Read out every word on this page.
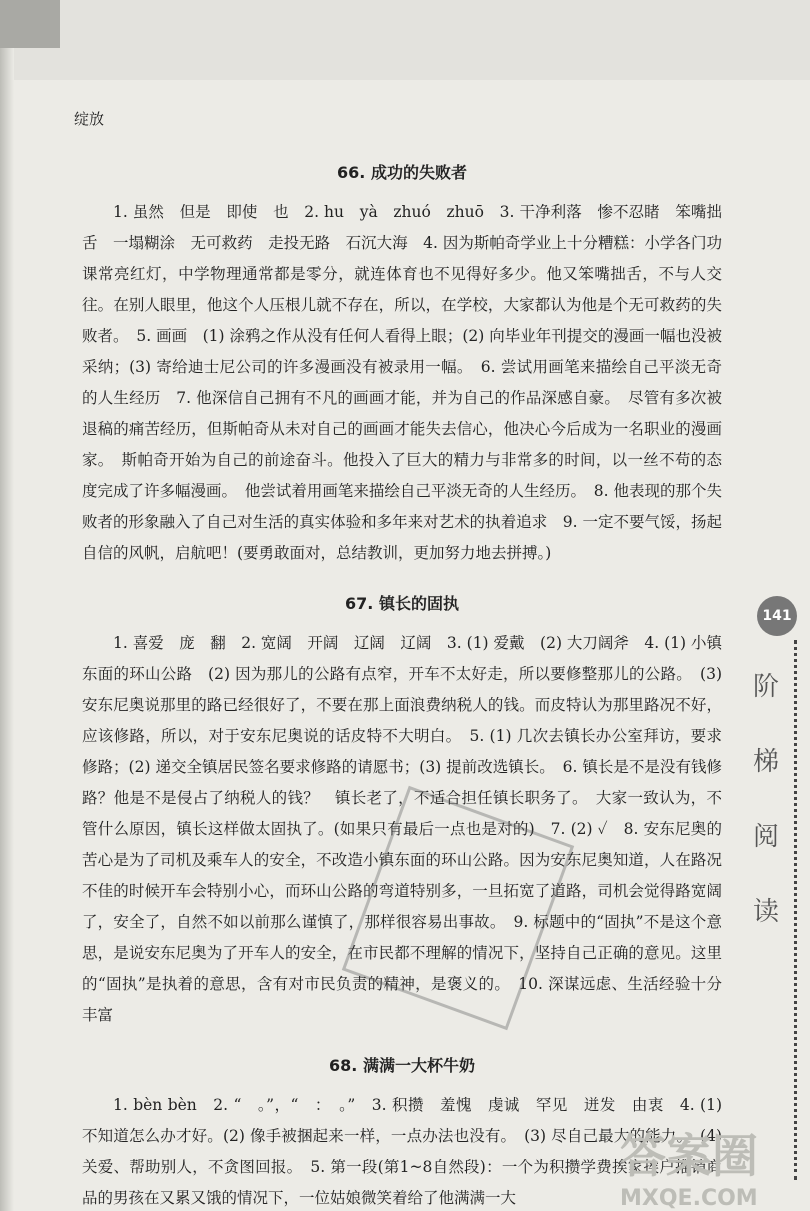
绽放
66. 成功的失败者

1. 虽然　但是　即使　也　2. hu　yà　zhuó　zhuō　3. 干净利落　惨不忍睹　笨嘴拙舌　一塌糊涂　无可救药　走投无路　石沉大海　4. 因为斯帕奇学业上十分糟糕：小学各门功课常亮红灯，中学物理通常都是零分，就连体育也不见得好多少。他又笨嘴拙舌，不与人交往。在别人眼里，他这个人压根儿就不存在，所以，在学校，大家都认为他是个无可救药的失败者。　5. 画画　(1) 涂鸦之作从没有任何人看得上眼；(2) 向毕业年刊提交的漫画一幅也没被采纳；(3) 寄给迪士尼公司的许多漫画没有被录用一幅。　6. 尝试用画笔来描绘自己平淡无奇的人生经历　7. 他深信自己拥有不凡的画画才能，并为自己的作品深感自豪。　尽管有多次被退稿的痛苦经历，但斯帕奇从未对自己的画画才能失去信心，他决心今后成为一名职业的漫画家。　斯帕奇开始为自己的前途奋斗。他投入了巨大的精力与非常多的时间，以一丝不苟的态度完成了许多幅漫画。　他尝试着用画笔来描绘自己平淡无奇的人生经历。　8. 他表现的那个失败者的形象融入了自己对生活的真实体验和多年来对艺术的执着追求　9. 一定不要气馁，扬起自信的风帆，启航吧！(要勇敢面对，总结教训，更加努力地去拼搏。)

67. 镇长的固执

1. 喜爱　庞　翻　2. 宽阔　开阔　辽阔　辽阔　3. (1) 爱戴　(2) 大刀阔斧　4. (1) 小镇东面的环山公路　(2) 因为那儿的公路有点窄，开车不太好走，所以要修整那儿的公路。　(3) 安东尼奥说那里的路已经很好了，不要在那上面浪费纳税人的钱。而皮特认为那里路况不好，应该修路，所以，对于安东尼奥说的话皮特不大明白。　5. (1) 几次去镇长办公室拜访，要求修路；(2) 递交全镇居民签名要求修路的请愿书；(3) 提前改选镇长。　6. 镇长是不是没有钱修路？他是不是侵占了纳税人的钱？　镇长老了，不适合担任镇长职务了。　大家一致认为，不管什么原因，镇长这样做太固执了。(如果只有最后一点也是对的)　7. (2) ✓　8. 安东尼奥的苦心是为了司机及乘车人的安全，不改造小镇东面的环山公路。因为安东尼奥知道，人在路况不佳的时候开车会特别小心，而环山公路的弯道特别多，一旦拓宽了道路，司机会觉得路宽阔了，安全了，自然不如以前那么谨慎了，那样很容易出事故。　9. 标题中的“固执”不是这个意思，是说安东尼奥为了开车人的安全，在市民都不理解的情况下，坚持自己正确的意见。这里的“固执”是执着的意思，含有对市民负责的精神，是褒义的。　10. 深谋远虑、生活经验十分丰富

68. 满满一大杯牛奶

1. bèn bèn　2. “　。”，“　：　。”　3. 积攒　羞愧　虔诚　罕见　迸发　由衷　4. (1) 不知道怎么办才好。(2) 像手被捆起来一样，一点办法也没有。　(3) 尽自己最大的能力。　(4) 关爱、帮助别人，不贪图回报。　5. 第一段(第1~8自然段)：一个为积攒学费挨家挨户推销商品的男孩在又累又饿的情况下，一位姑娘微笑着给了他满满一大

141
阶
梯
阅
读
答案圈
MXQE.COM
